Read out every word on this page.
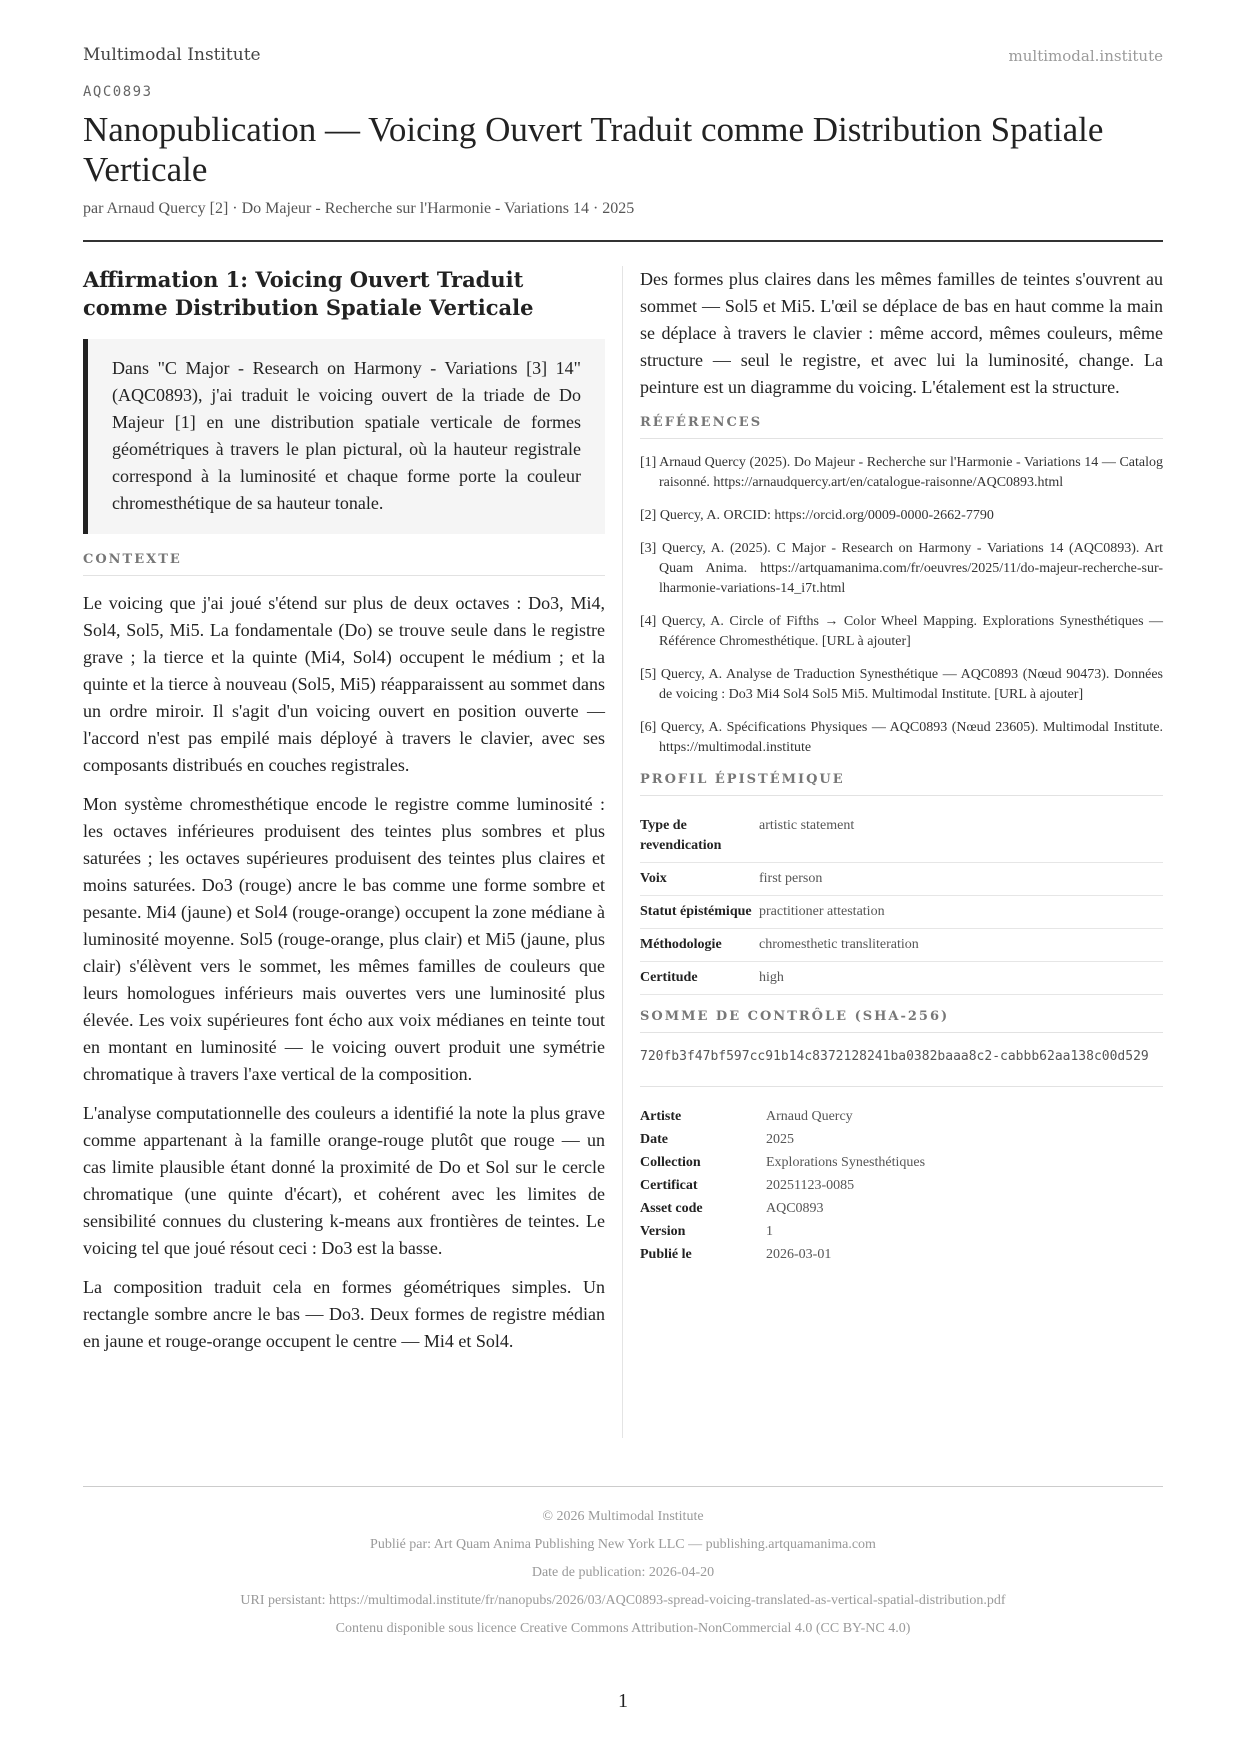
Multimodal Institute	multimodal.institute
AQC0893
Nanopublication — Voicing Ouvert Traduit comme Distribution Spatiale Verticale
par Arnaud Quercy [2] · Do Majeur - Recherche sur l'Harmonie - Variations 14 · 2025
Affirmation 1: Voicing Ouvert Traduit comme Distribution Spatiale Verticale
Dans "C Major - Research on Harmony - Variations [3] 14" (AQC0893), j'ai traduit le voicing ouvert de la triade de Do Majeur [1] en une distribution spatiale verticale de formes géométriques à travers le plan pictural, où la hauteur registrale correspond à la luminosité et chaque forme porte la couleur chromesthétique de sa hauteur tonale.
CONTEXTE

Le voicing que j'ai joué s'étend sur plus de deux octaves : Do3, Mi4, Sol4, Sol5, Mi5. La fondamentale (Do) se trouve seule dans le registre grave ; la tierce et la quinte (Mi4, Sol4) occupent le médium ; et la quinte et la tierce à nouveau (Sol5, Mi5) réapparaissent au sommet dans un ordre miroir. Il s'agit d'un voicing ouvert en position ouverte — l'accord n'est pas empilé mais déployé à travers le clavier, avec ses composants distribués en couches registrales.

Mon système chromesthétique encode le registre comme luminosité : les octaves inférieures produisent des teintes plus sombres et plus saturées ; les octaves supérieures produisent des teintes plus claires et moins saturées. Do3 (rouge) ancre le bas comme une forme sombre et pesante. Mi4 (jaune) et Sol4 (rouge-orange) occupent la zone médiane à luminosité moyenne. Sol5 (rouge-orange, plus clair) et Mi5 (jaune, plus clair) s'élèvent vers le sommet, les mêmes familles de couleurs que leurs homologues inférieurs mais ouvertes vers une luminosité plus élevée. Les voix supérieures font écho aux voix médianes en teinte tout en montant en luminosité — le voicing ouvert produit une symétrie chromatique à travers l'axe vertical de la composition.

L'analyse computationnelle des couleurs a identifié la note la plus grave comme appartenant à la famille orange-rouge plutôt que rouge — un cas limite plausible étant donné la proximité de Do et Sol sur le cercle chromatique (une quinte d'écart), et cohérent avec les limites de sensibilité connues du clustering k-means aux frontières de teintes. Le voicing tel que joué résout ceci : Do3 est la basse.

La composition traduit cela en formes géométriques simples. Un rectangle sombre ancre le bas — Do3. Deux formes de registre médian en jaune et rouge-orange occupent le centre — Mi4 et Sol4.

Des formes plus claires dans les mêmes familles de teintes s'ouvrent au sommet — Sol5 et Mi5. L'œil se déplace de bas en haut comme la main se déplace à travers le clavier : même accord, mêmes couleurs, même structure — seul le registre, et avec lui la luminosité, change. La peinture est un diagramme du voicing. L'étalement est la structure.

RÉFÉRENCES
[1] Arnaud Quercy (2025). Do Majeur - Recherche sur l'Harmonie - Variations 14 — Catalog raisonné. https://arnaudquercy.art/en/catalogue-raisonne/AQC0893.html
[2] Quercy, A. ORCID: https://orcid.org/0009-0000-2662-7790
[3] Quercy, A. (2025). C Major - Research on Harmony - Variations 14 (AQC0893). Art Quam Anima. https://artquamanima.com/fr/oeuvres/2025/11/do-majeur-recherche-sur-lharmonie-variations-14_i7t.html
[4] Quercy, A. Circle of Fifths → Color Wheel Mapping. Explorations Synesthétiques — Référence Chromesthétique. [URL à ajouter]
[5] Quercy, A. Analyse de Traduction Synesthétique — AQC0893 (Nœud 90473). Données de voicing : Do3 Mi4 Sol4 Sol5 Mi5. Multimodal Institute. [URL à ajouter]
[6] Quercy, A. Spécifications Physiques — AQC0893 (Nœud 23605). Multimodal Institute. https://multimodal.institute
PROFIL ÉPISTÉMIQUE
Type de revendication	artistic statement
Voix	first person
Statut épistémique	practitioner attestation
Méthodologie	chromesthetic transliteration
Certitude	high
SOMME DE CONTRÔLE (SHA-256)
720fb3f47bf597cc91b14c8372128241ba0382baaa8c2-cabbb62aa138c00d529
Artiste	Arnaud Quercy
Date	2025
Collection	Explorations Synesthétiques
Certificat	20251123-0085
Asset code	AQC0893
Version	1
Publié le	2026-03-01
© 2026 Multimodal Institute
Publié par: Art Quam Anima Publishing New York LLC — publishing.artquamanima.com
Date de publication: 2026-04-20
URI persistant: https://multimodal.institute/fr/nanopubs/2026/03/AQC0893-spread-voicing-translated-as-vertical-spatial-distribution.pdf
Contenu disponible sous licence Creative Commons Attribution-NonCommercial 4.0 (CC BY-NC 4.0)
1
